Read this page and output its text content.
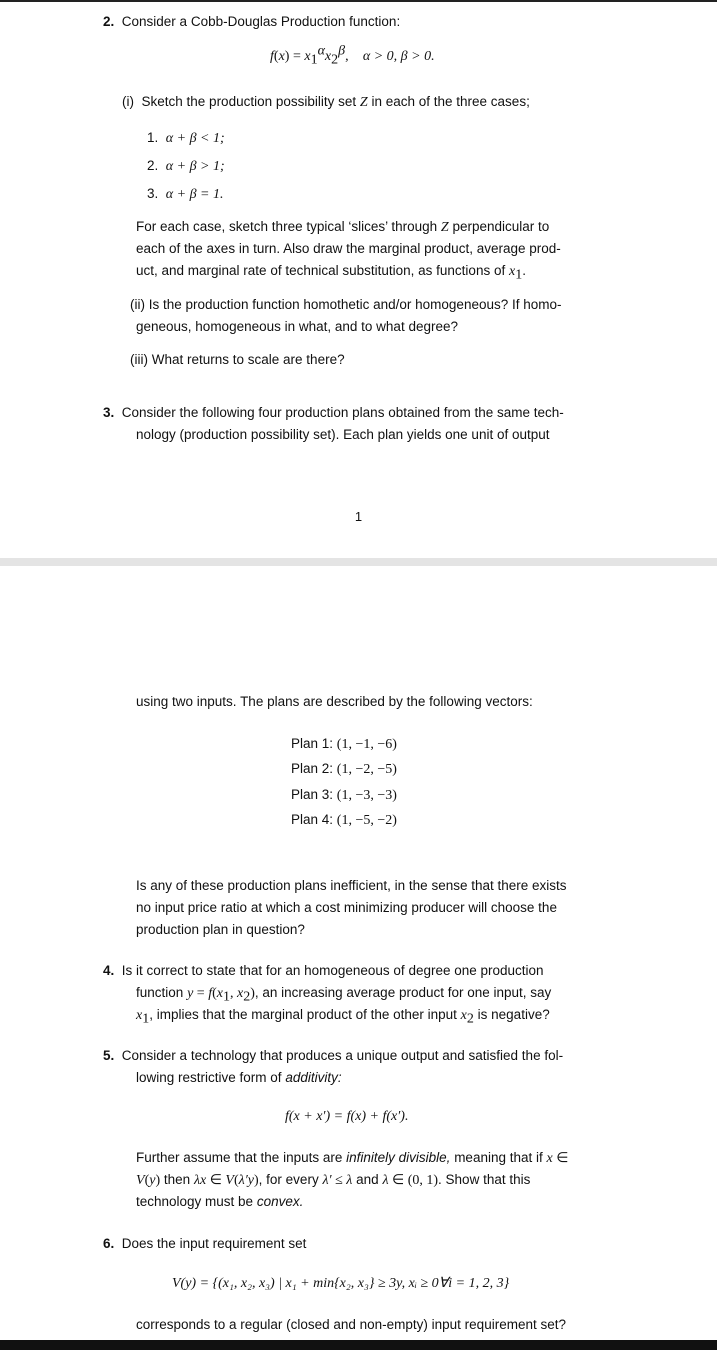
2. Consider a Cobb-Douglas Production function:
$f(x) = x_1^\alpha x_2^\beta$,    α > 0, β > 0.
(i) Sketch the production possibility set Z in each of the three cases;
1. α + β < 1;
2. α + β > 1;
3. α + β = 1.
For each case, sketch three typical ‘slices’ through Z perpendicular to
each of the axes in turn. Also draw the marginal product, average prod-
uct, and marginal rate of technical substitution, as functions of $x_1$.
(ii) Is the production function homothetic and/or homogeneous? If homo-
geneous, homogeneous in what, and to what degree?
(iii) What returns to scale are there?
3. Consider the following four production plans obtained from the same tech-
nology (production possibility set). Each plan yields one unit of output
1
using two inputs. The plans are described by the following vectors:
Plan 1: (1, −1, −6)
Plan 2: (1, −2, −5)
Plan 3: (1, −3, −3)
Plan 4: (1, −5, −2)
Is any of these production plans inefficient, in the sense that there exists
no input price ratio at which a cost minimizing producer will choose the
production plan in question?
4. Is it correct to state that for an homogeneous of degree one production
function $y = f(x_1$, $x_2$), an increasing average product for one input, say
$x_1$, implies that the marginal product of the other input $x_2$ is negative?
5. Consider a technology that produces a unique output and satisfied the fol-
lowing restrictive form of additivity:
f(x + x′) = f(x) + f(x′).
Further assume that the inputs are infinitely divisible, meaning that if x ∈
V(y) then λx ∈ V(λ′y), for every λ′ ≤ λ and λ ∈ (0, 1). Show that this
technology must be convex.
6. Does the input requirement set
V(y) = {(x₁, x₂, x₃) | x₁ + min{x₂, x₃} ≥ 3y, xᵢ ≥ 0∀i = 1, 2, 3}
corresponds to a regular (closed and non-empty) input requirement set?
